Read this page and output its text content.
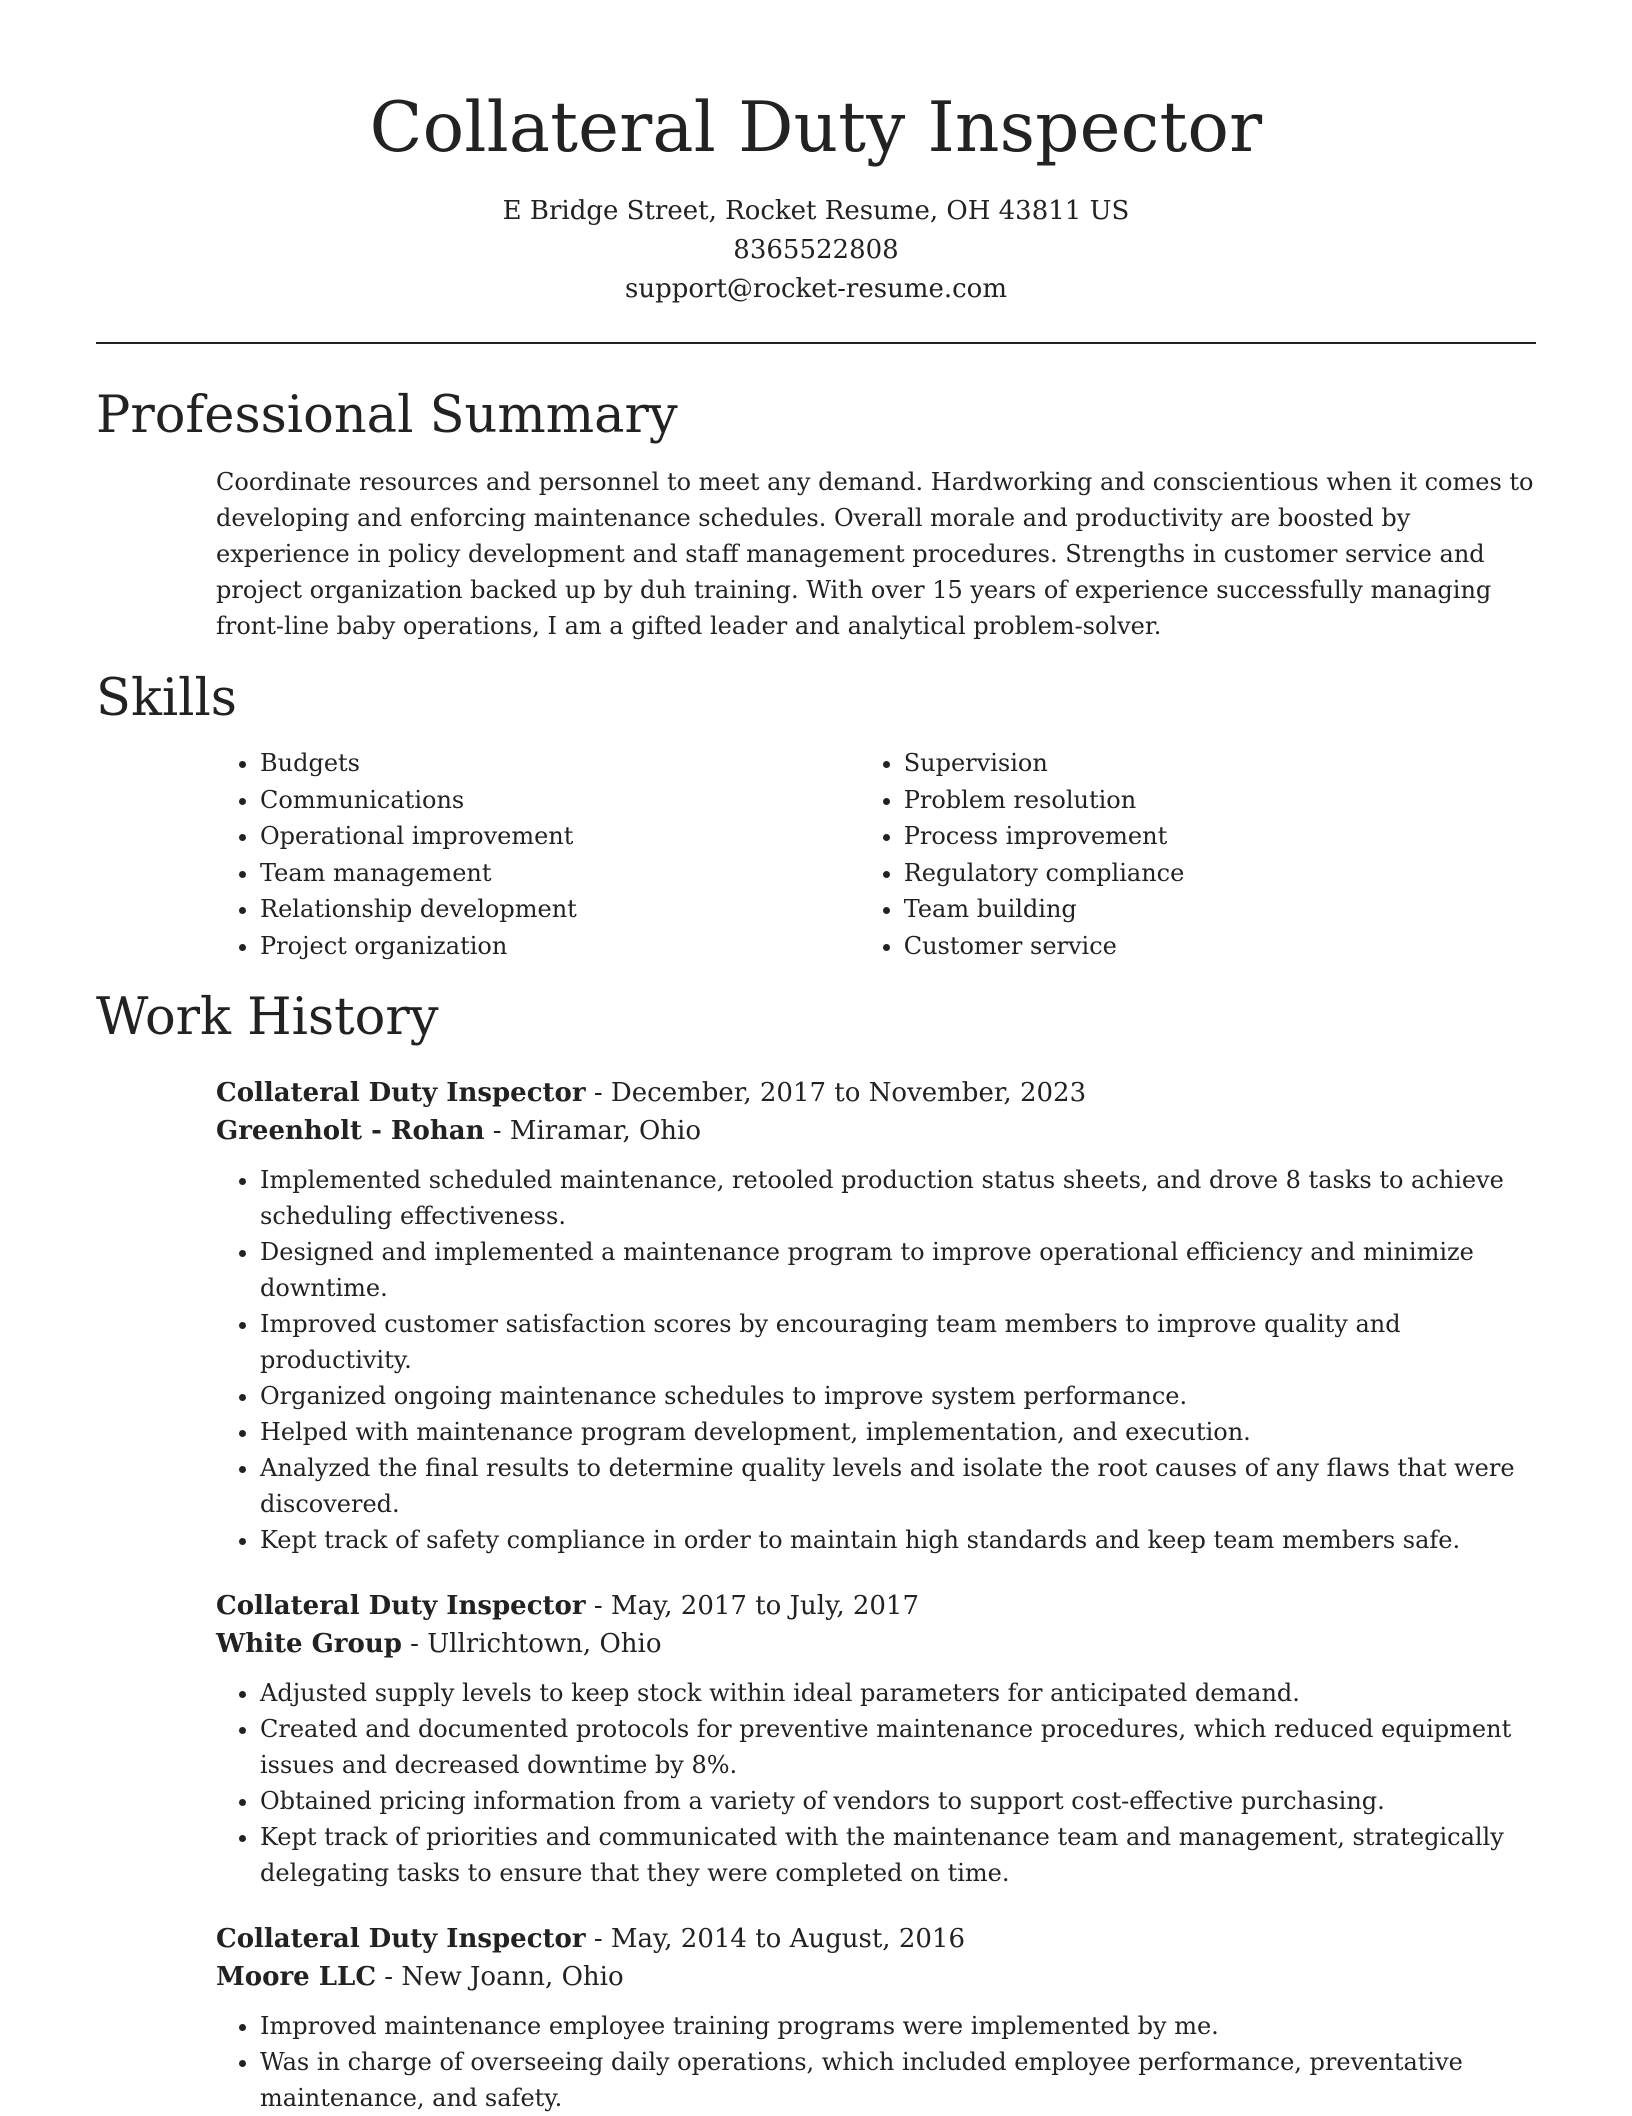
Collateral Duty Inspector
E Bridge Street, Rocket Resume, OH 43811 US
8365522808
support@rocket-resume.com
Professional Summary

Coordinate resources and personnel to meet any demand. Hardworking and conscientious when it comes to developing and enforcing maintenance schedules. Overall morale and productivity are boosted by experience in policy development and staff management procedures. Strengths in customer service and project organization backed up by duh training. With over 15 years of experience successfully managing front-line baby operations, I am a gifted leader and analytical problem-solver.

Skills
• Budgets
• Communications
• Operational improvement
• Team management
• Relationship development
• Project organization
• Supervision
• Problem resolution
• Process improvement
• Regulatory compliance
• Team building
• Customer service
Work History
Collateral Duty Inspector - December, 2017 to November, 2023
Greenholt - Rohan - Miramar, Ohio
• Implemented scheduled maintenance, retooled production status sheets, and drove 8 tasks to achieve scheduling effectiveness.
• Designed and implemented a maintenance program to improve operational efficiency and minimize downtime.
• Improved customer satisfaction scores by encouraging team members to improve quality and productivity.
• Organized ongoing maintenance schedules to improve system performance.
• Helped with maintenance program development, implementation, and execution.
• Analyzed the final results to determine quality levels and isolate the root causes of any flaws that were discovered.
• Kept track of safety compliance in order to maintain high standards and keep team members safe.
Collateral Duty Inspector - May, 2017 to July, 2017
White Group - Ullrichtown, Ohio
• Adjusted supply levels to keep stock within ideal parameters for anticipated demand.
• Created and documented protocols for preventive maintenance procedures, which reduced equipment issues and decreased downtime by 8%.
• Obtained pricing information from a variety of vendors to support cost-effective purchasing.
• Kept track of priorities and communicated with the maintenance team and management, strategically delegating tasks to ensure that they were completed on time.
Collateral Duty Inspector - May, 2014 to August, 2016
Moore LLC - New Joann, Ohio
• Improved maintenance employee training programs were implemented by me.
• Was in charge of overseeing daily operations, which included employee performance, preventative maintenance, and safety.
